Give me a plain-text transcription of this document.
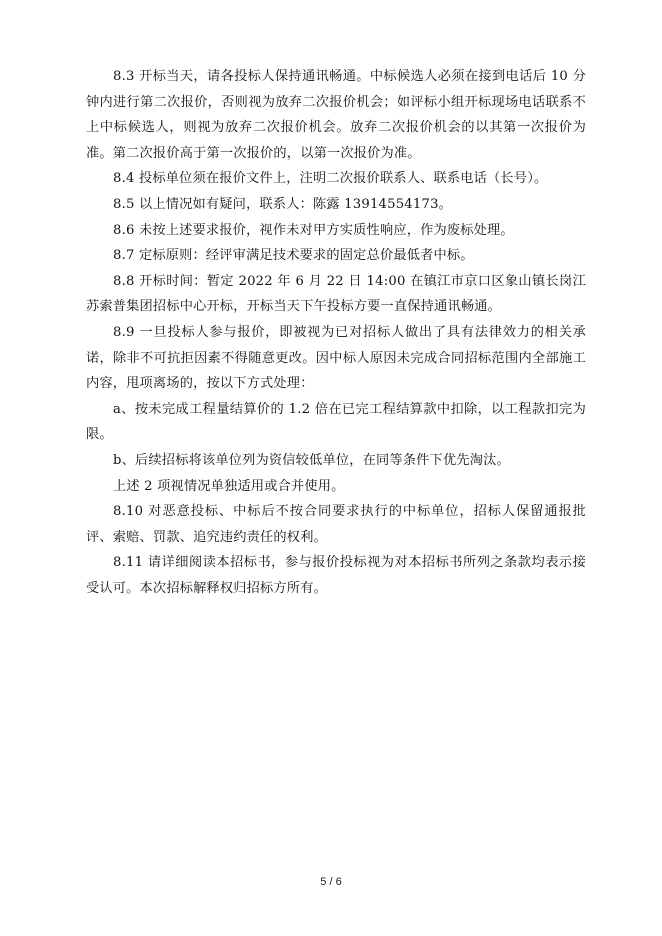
8.3 开标当天，请各投标人保持通讯畅通。中标候选人必须在接到电话后 10 分钟内进行第二次报价，否则视为放弃二次报价机会；如评标小组开标现场电话联系不上中标候选人，则视为放弃二次报价机会。放弃二次报价机会的以其第一次报价为准。第二次报价高于第一次报价的，以第一次报价为准。

8.4 投标单位须在报价文件上，注明二次报价联系人、联系电话（长号）。

8.5 以上情况如有疑问，联系人：陈露 13914554173。

8.6 未按上述要求报价，视作未对甲方实质性响应，作为废标处理。

8.7 定标原则：经评审满足技术要求的固定总价最低者中标。

8.8 开标时间：暂定 2022 年 6 月 22 日 14:00 在镇江市京口区象山镇长岗江苏索普集团招标中心开标，开标当天下午投标方要一直保持通讯畅通。

8.9 一旦投标人参与报价，即被视为已对招标人做出了具有法律效力的相关承诺，除非不可抗拒因素不得随意更改。因中标人原因未完成合同招标范围内全部施工内容，甩项离场的，按以下方式处理：

a、按未完成工程量结算价的 1.2 倍在已完工程结算款中扣除，以工程款扣完为限。

b、后续招标将该单位列为资信较低单位，在同等条件下优先淘汰。

上述 2 项视情况单独适用或合并使用。

8.10 对恶意投标、中标后不按合同要求执行的中标单位，招标人保留通报批评、索赔、罚款、追究违约责任的权利。

8.11 请详细阅读本招标书，参与报价投标视为对本招标书所列之条款均表示接受认可。本次招标解释权归招标方所有。

5 / 6
